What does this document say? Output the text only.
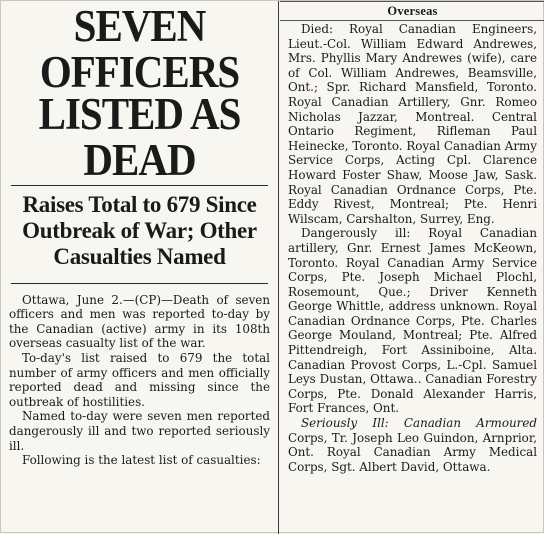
SEVEN OFFICERS
LISTED AS DEAD
Raises Total to 679 Since Outbreak of War; Other Casualties Named

Ottawa, June 2.—(CP)—Death of seven officers and men was reported to-day by the Canadian (active) army in its 108th overseas casualty list of the war.

To-day's list raised to 679 the total number of army officers and men officially reported dead and missing since the outbreak of hostilities.

Named to-day were seven men reported dangerously ill and two reported seriously ill.

Following is the latest list of casualties:

Overseas

Died: Royal Canadian Engineers, Lieut.-Col. William Edward Andrewes, Mrs. Phyllis Mary Andrewes (wife), care of Col. William Andrewes, Beamsville, Ont.; Spr. Richard Mansfield, Toronto. Royal Canadian Artillery, Gnr. Romeo Nicholas Jazzar, Montreal. Central Ontario Regiment, Rifleman Paul Heinecke, Toronto. Royal Canadian Army Service Corps, Acting Cpl. Clarence Howard Foster Shaw, Moose Jaw, Sask. Royal Canadian Ordnance Corps, Pte. Eddy Rivest, Montreal; Pte. Henri Wilscam, Carshalton, Surrey, Eng.

Dangerously ill: Royal Canadian artillery, Gnr. Ernest James McKeown, Toronto. Royal Canadian Army Service Corps, Pte. Joseph Michael Plochl, Rosemount, Que.; Driver Kenneth George Whittle, address unknown. Royal Canadian Ordnance Corps, Pte. Charles George Mouland, Montreal; Pte. Alfred Pittendreigh, Fort Assiniboine, Alta. Canadian Provost Corps, L.-Cpl. Samuel Leys Dustan, Ottawa.. Canadian Forestry Corps, Pte. Donald Alexander Harris, Fort Frances, Ont.

Seriously Ill: Canadian Armoured Corps, Tr. Joseph Leo Guindon, Arnprior, Ont. Royal Canadian Army Medical Corps, Sgt. Albert David, Ottawa.
